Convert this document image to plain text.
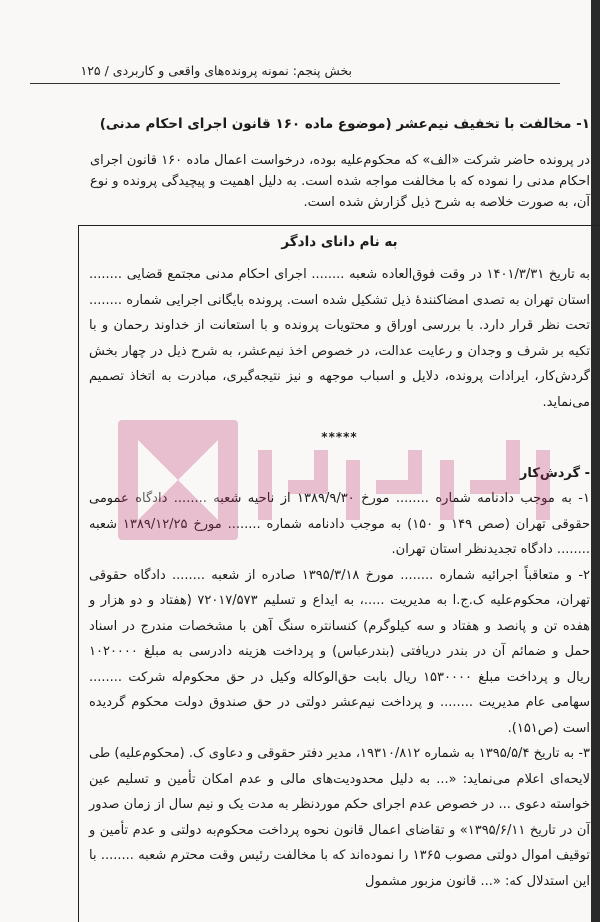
بخش پنجم: نمونه پرونده‌های واقعی و کاربردی / ۱۲۵
۱- مخالفت با تخفیف نیم‌عشر (موضوع ماده ۱۶۰ قانون اجرای احکام مدنی)

در پرونده حاضر شرکت «الف» که محکوم‌علیه بوده، درخواست اعمال ماده ۱۶۰ قانون اجرای احکام مدنی را نموده که با مخالفت مواجه شده است. به دلیل اهمیت و پیچیدگی پرونده و نوع آن، به صورت خلاصه به شرح ذیل گزارش شده است.

به نام دانای دادگر

به تاریخ ۱۴۰۱/۳/۳۱ در وقت فوق‌العاده شعبه ........ اجرای احکام مدنی مجتمع قضایی ........ استان تهران به تصدی امضاکنندهٔ ذیل تشکیل شده است. پرونده بایگانی اجرایی شماره ........ تحت نظر قرار دارد. با بررسی اوراق و محتویات پرونده و با استعانت از خداوند رحمان و با تکیه بر شرف و وجدان و رعایت عدالت، در خصوص اخذ نیم‌عشر، به شرح ذیل در چهار بخش گردش‌کار، ایرادات پرونده، دلایل و اسباب موجهه و نیز نتیجه‌گیری، مبادرت به اتخاذ تصمیم می‌نماید.

*****

- گردش‌کار

۱- به موجب دادنامه شماره ........ مورخ ۱۳۸۹/۹/۳۰ از ناحیه شعبه ........ دادگاه عمومی حقوقی تهران (صص ۱۴۹ و ۱۵۰) به موجب دادنامه شماره ........ مورخ ۱۳۸۹/۱۲/۲۵ شعبه ........ دادگاه تجدیدنظر استان تهران.

۲- و متعاقباً اجرائیه شماره ........ مورخ ۱۳۹۵/۳/۱۸ صادره از شعبه ........ دادگاه حقوقی تهران، محکوم‌علیه ک.ج.ا به مدیریت .....، به ایداع و تسلیم ۷۲۰۱۷/۵۷۳ (هفتاد و دو هزار و هفده تن و پانصد و هفتاد و سه کیلوگرم) کنسانتره سنگ آهن با مشخصات مندرج در اسناد حمل و ضمائم آن در بندر دریافتی (بندرعباس) و پرداخت هزینه دادرسی به مبلغ ۱۰۲۰۰۰۰ ریال و پرداخت مبلغ ۱۵۳۰۰۰۰ ریال بابت حق‌الوکاله وکیل در حق محکوم‌له شرکت ........ سهامی عام مدیریت ........ و پرداخت نیم‌عشر دولتی در حق صندوق دولت محکوم گردیده است (ص۱۵۱).

۳- به تاریخ ۱۳۹۵/۵/۴ به شماره ۱۹۳۱۰/۸۱۲، مدیر دفتر حقوقی و دعاوی ک. (محکوم‌علیه) طی لایحه‌ای اعلام می‌نماید: «... به دلیل محدودیت‌های مالی و عدم امکان تأمین و تسلیم عین خواسته دعوی ... در خصوص عدم اجرای حکم موردنظر به مدت یک و نیم سال از زمان صدور آن در تاریخ ۱۳۹۵/۶/۱۱» و تقاضای اعمال قانون نحوه پرداخت محکوم‌به دولتی و عدم تأمین و توقیف اموال دولتی مصوب ۱۳۶۵ را نموده‌اند که با مخالفت رئیس وقت محترم شعبه ........ با این استدلال که: «... قانون مزبور مشمول
